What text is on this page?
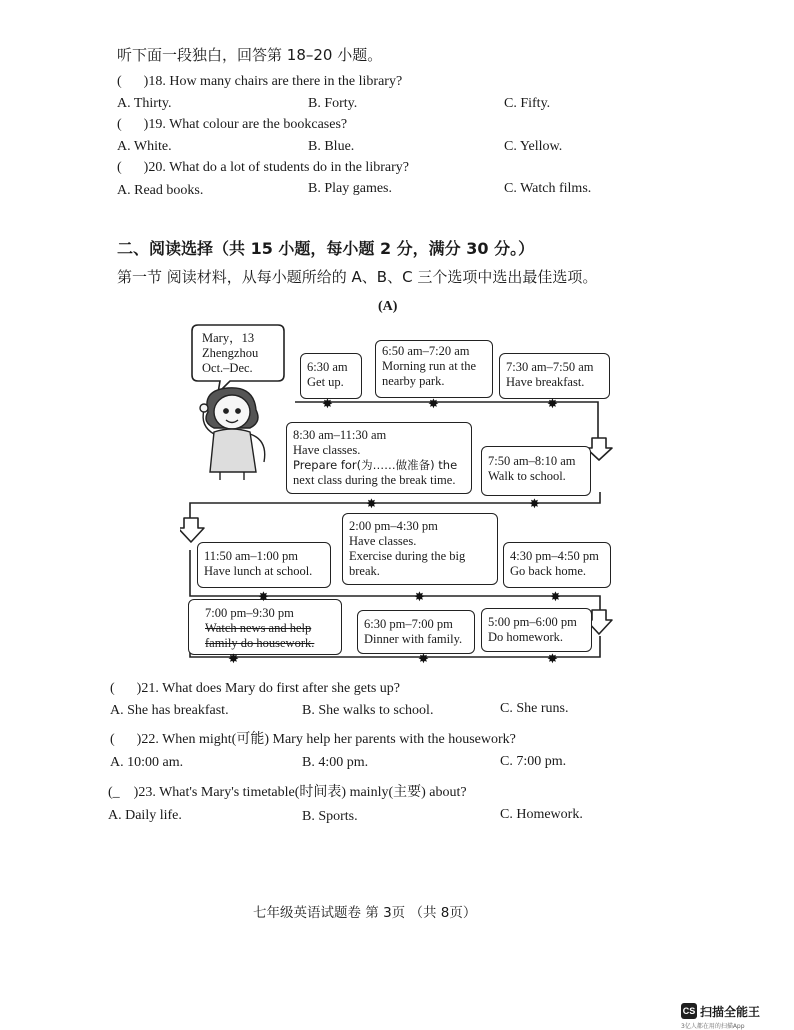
听下面一段独白，回答第 18–20 小题。
( )18. How many chairs are there in the library?
A. Thirty.	B. Forty.	C. Fifty.
( )19. What colour are the bookcases?
A. White.	B. Blue.	C. Yellow.
( )20. What do a lot of students do in the library?
A. Read books.	B. Play games.	C. Watch films.
二、阅读选择（共 15 小题，每小题 2 分，满分 30 分。）
第一节 阅读材料，从每小题所给的 A、B、C 三个选项中选出最佳选项。
(A)
Mary，13
Zhengzhou
Oct.–Dec.	6:30 am
Get up.
6:50 am–7:20 am
Morning run at the
nearby park.
7:30 am–7:50 am
Have breakfast.
8:30 am–11:30 am
Have classes.
Prepare for(为……做准备) the
next class during the break time.
7:50 am–8:10 am
Walk to school.
11:50 am–1:00 pm
Have lunch at school.
2:00 pm–4:30 pm
Have classes.
Exercise during the big
break.
4:30 pm–4:50 pm
Go back home.
7:00 pm–9:30 pm
Watch news and help
family do housework.
6:30 pm–7:00 pm
Dinner with family.
5:00 pm–6:00 pm
Do homework.
✸	✸	✸
✸	✸
✸	✸	✸
✸	✸	✸
( )21. What does Mary do first after she gets up?
A. She has breakfast.	B. She walks to school.	C. She runs.
( )22. When might(可能) Mary help her parents with the housework?
A. 10:00 am.	B. 4:00 pm.	C. 7:00 pm.
(_ )23. What's Mary's timetable(时间表) mainly(主要) about?
A. Daily life.	B. Sports.	C. Homework.
七年级英语试题卷 第 3页 （共 8页）
CS 扫描全能王
3亿人都在用的扫描App
